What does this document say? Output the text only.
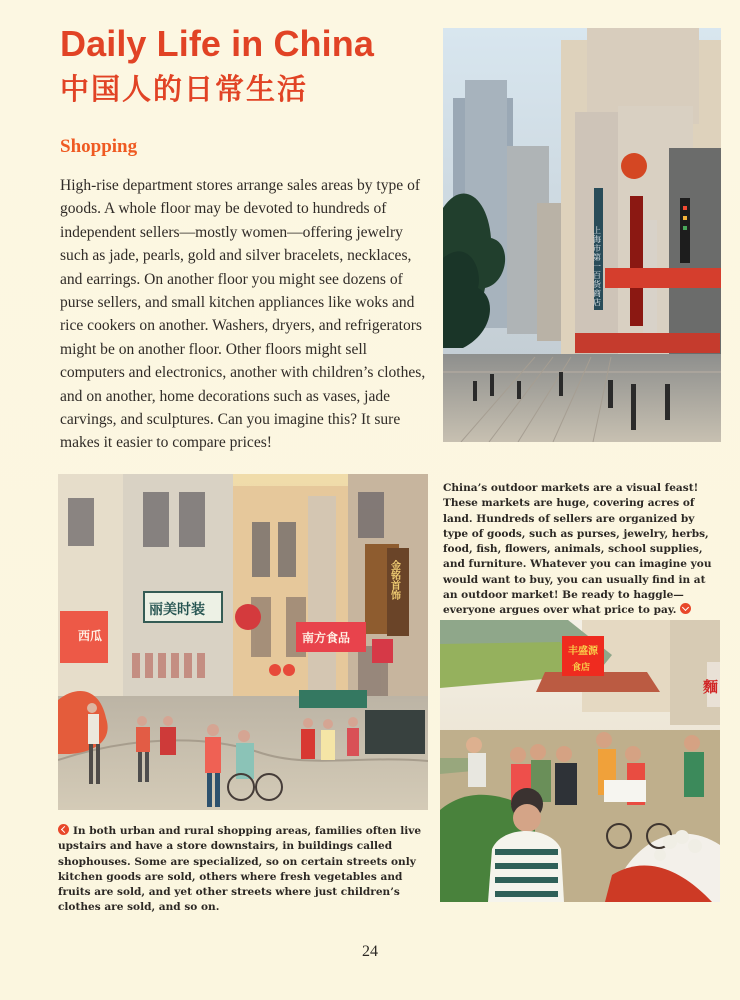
Daily Life in China
中国人的日常生活
Shopping

High-rise department stores arrange sales areas by type of goods. A whole floor may be devoted to hundreds of independent sellers—mostly women—offering jewelry such as jade, pearls, gold and silver bracelets, necklaces, and earrings. On another floor you might see dozens of purse sellers, and small kitchen appliances like woks and rice cookers on another. Washers, dryers, and refrigerators might be on another floor. Other floors might sell computers and electronics, another with children’s clothes, and on another, home decorations such as vases, jade carvings, and sculptures. Can you imagine this? It sure makes it easier to compare prices!

上海市第一百货商店

China’s outdoor markets are a visual feast! These markets are huge, covering acres of land. Hundreds of sellers are organized by type of goods, such as purses, jewelry, herbs, food, fish, flowers, animals, school supplies, and furniture. Whatever you can imagine you would want to buy, you can usually find in at an outdoor market! Be ready to haggle—everyone argues over what price to pay.

西瓜
丽美时装
南方食品
金铭首饰

In both urban and rural shopping areas, families often live upstairs and have a store downstairs, in buildings called shophouses. Some are specialized, so on certain streets only kitchen goods are sold, others where fresh vegetables and fruits are sold, and yet other streets where just children’s clothes are sold, and so on.

丰盛源
食店
麵
24
